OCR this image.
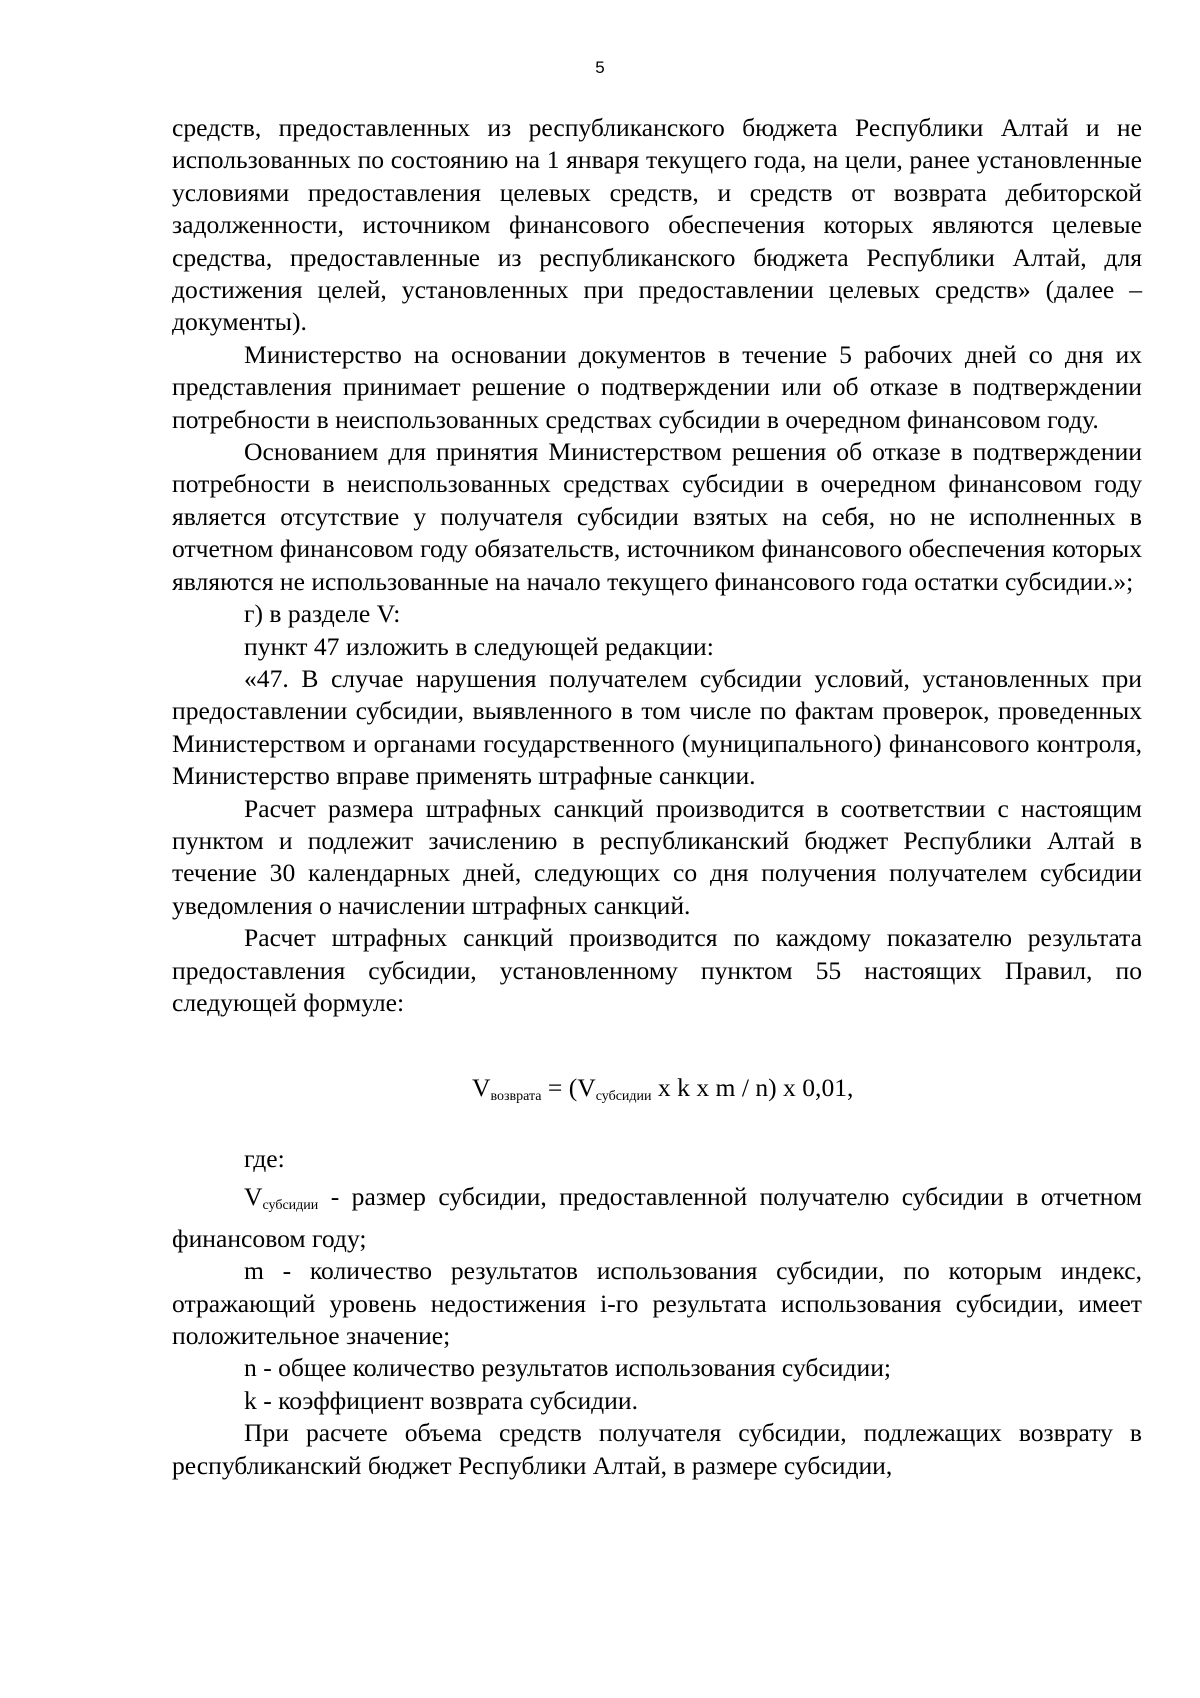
5

средств, предоставленных из республиканского бюджета Республики Алтай и не использованных по состоянию на 1 января текущего года, на цели, ранее установленные условиями предоставления целевых средств, и средств от возврата дебиторской задолженности, источником финансового обеспечения которых являются целевые средства, предоставленные из республиканского бюджета Республики Алтай, для достижения целей, установленных при предоставлении целевых средств» (далее – документы).

Министерство на основании документов в течение 5 рабочих дней со дня их представления принимает решение о подтверждении или об отказе в подтверждении потребности в неиспользованных средствах субсидии в очередном финансовом году.

Основанием для принятия Министерством решения об отказе в подтверждении потребности в неиспользованных средствах субсидии в очередном финансовом году является отсутствие у получателя субсидии взятых на себя, но не исполненных в отчетном финансовом году обязательств, источником финансового обеспечения которых являются не использованные на начало текущего финансового года остатки субсидии.»;

г) в разделе V:

пункт 47 изложить в следующей редакции:

«47. В случае нарушения получателем субсидии условий, установленных при предоставлении субсидии, выявленного в том числе по фактам проверок, проведенных Министерством и органами государственного (муниципального) финансового контроля, Министерство вправе применять штрафные санкции.

Расчет размера штрафных санкций производится в соответствии с настоящим пунктом и подлежит зачислению в республиканский бюджет Республики Алтай в течение 30 календарных дней, следующих со дня получения получателем субсидии уведомления о начислении штрафных санкций.

Расчет штрафных санкций производится по каждому показателю результата предоставления субсидии, установленному пунктом 55 настоящих Правил, по следующей формуле:

$V_{возврата} = (V_{субсидии}$ x k x m / n) x 0,01,
где:

$V_{субсидии}$ - размер субсидии, предоставленной получателю субсидии в отчетном финансовом году;

m - количество результатов использования субсидии, по которым индекс, отражающий уровень недостижения i-го результата использования субсидии, имеет положительное значение;

n - общее количество результатов использования субсидии;

k - коэффициент возврата субсидии.

При расчете объема средств получателя субсидии, подлежащих возврату в республиканский бюджет Республики Алтай, в размере субсидии,
